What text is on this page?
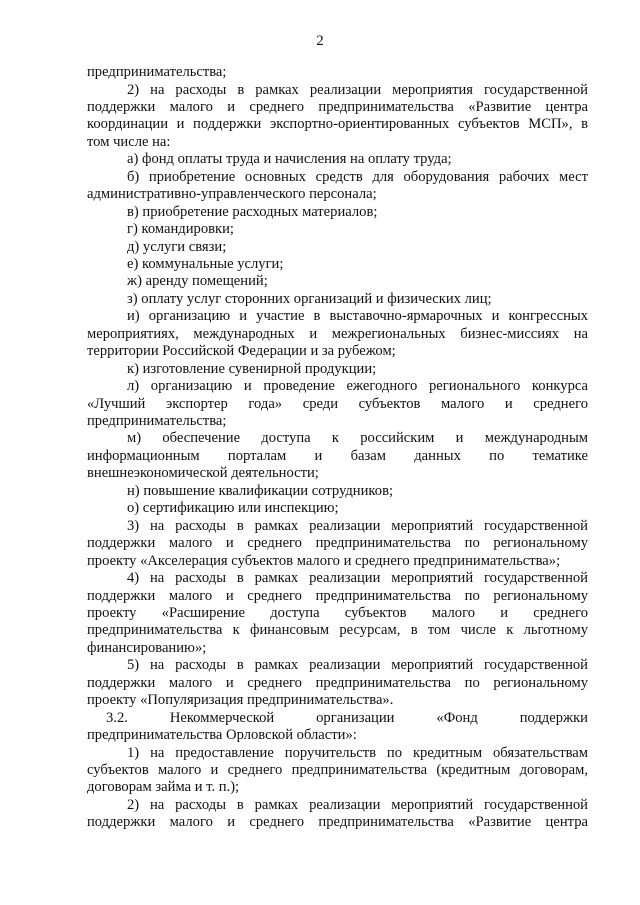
2
предпринимательства;
2) на расходы в рамках реализации мероприятия государственной
поддержки малого и среднего предпринимательства «Развитие центра
координации и поддержки экспортно-ориентированных субъектов МСП», в
том числе на:
а) фонд оплаты труда и начисления на оплату труда;
б) приобретение основных средств для оборудования рабочих мест
административно-управленческого персонала;
в) приобретение расходных материалов;
г) командировки;
д) услуги связи;
е) коммунальные услуги;
ж) аренду помещений;
з) оплату услуг сторонних организаций и физических лиц;
и) организацию и участие в выставочно-ярмарочных и конгрессных
мероприятиях, международных и межрегиональных бизнес-миссиях на
территории Российской Федерации и за рубежом;
к) изготовление сувенирной продукции;
л) организацию и проведение ежегодного регионального конкурса
«Лучший экспортер года» среди субъектов малого и среднего
предпринимательства;
м) обеспечение доступа к российским и международным
информационным порталам и базам данных по тематике
внешнеэкономической деятельности;
н) повышение квалификации сотрудников;
о) сертификацию или инспекцию;
3) на расходы в рамках реализации мероприятий государственной
поддержки малого и среднего предпринимательства по региональному
проекту «Акселерация субъектов малого и среднего предпринимательства»;
4) на расходы в рамках реализации мероприятий государственной
поддержки малого и среднего предпринимательства по региональному
проекту «Расширение доступа субъектов малого и среднего
предпринимательства к финансовым ресурсам, в том числе к льготному
финансированию»;
5) на расходы в рамках реализации мероприятий государственной
поддержки малого и среднего предпринимательства по региональному
проекту «Популяризация предпринимательства».
3.2. Некоммерческой организации «Фонд поддержки
предпринимательства Орловской области»:
1) на предоставление поручительств по кредитным обязательствам
субъектов малого и среднего предпринимательства (кредитным договорам,
договорам займа и т. п.);
2) на расходы в рамках реализации мероприятий государственной
поддержки малого и среднего предпринимательства «Развитие центра
